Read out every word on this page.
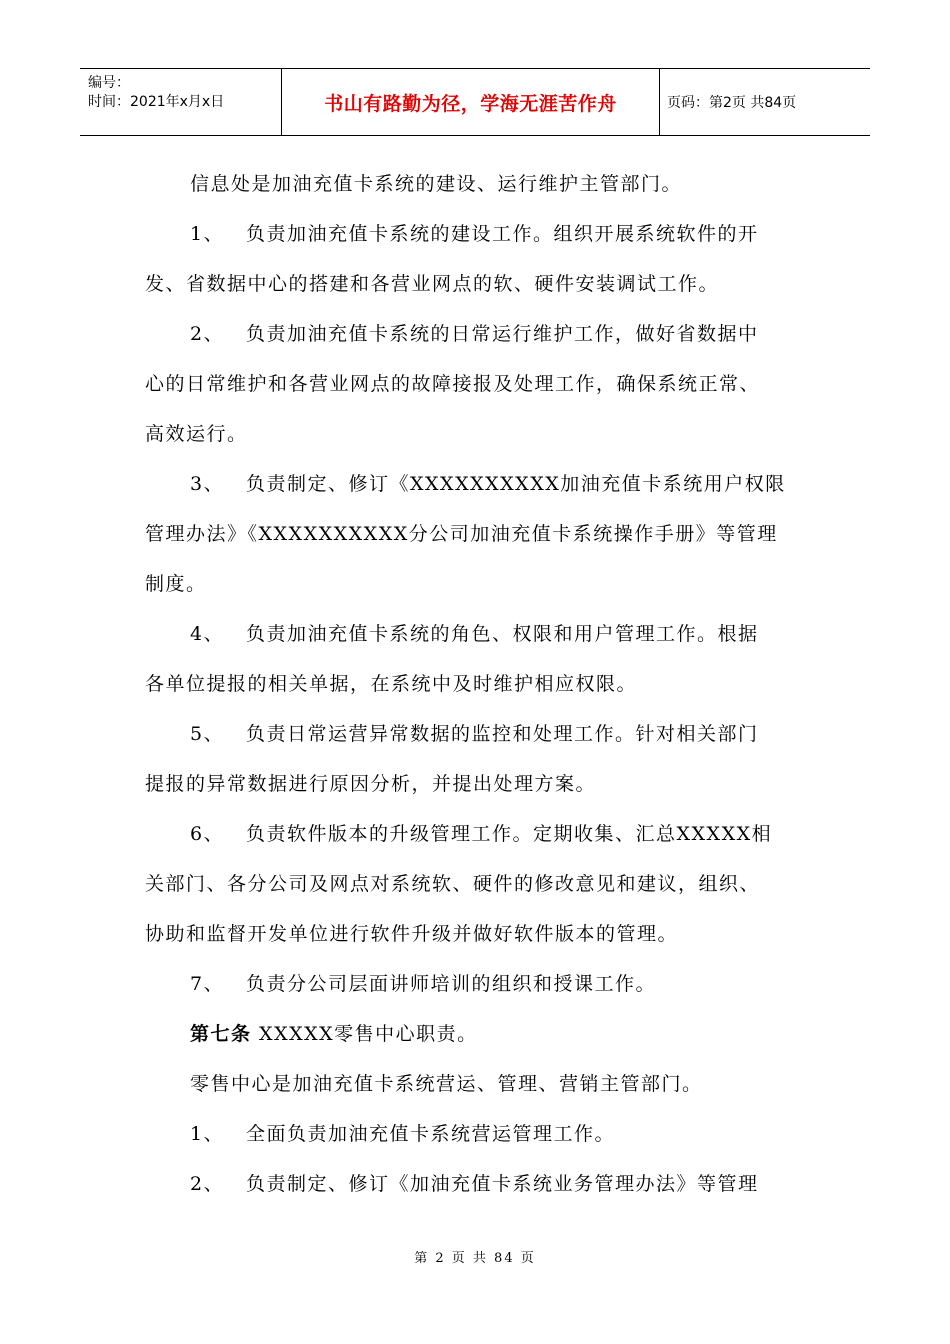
编号：
时间：2021年x月x日	书山有路勤为径，学海无涯苦作舟	页码：第2页 共84页
信息处是加油充值卡系统的建设、运行维护主管部门。
1、 负责加油充值卡系统的建设工作。组织开展系统软件的开
发、省数据中心的搭建和各营业网点的软、硬件安装调试工作。
2、 负责加油充值卡系统的日常运行维护工作，做好省数据中
心的日常维护和各营业网点的故障接报及处理工作，确保系统正常、
高效运行。
3、 负责制定、修订《XXXXXXXXXX加油充值卡系统用户权限
管理办法》《XXXXXXXXXX分公司加油充值卡系统操作手册》等管理
制度。
4、 负责加油充值卡系统的角色、权限和用户管理工作。根据
各单位提报的相关单据，在系统中及时维护相应权限。
5、 负责日常运营异常数据的监控和处理工作。针对相关部门
提报的异常数据进行原因分析，并提出处理方案。
6、 负责软件版本的升级管理工作。定期收集、汇总XXXXX相
关部门、各分公司及网点对系统软、硬件的修改意见和建议，组织、
协助和监督开发单位进行软件升级并做好软件版本的管理。
7、 负责分公司层面讲师培训的组织和授课工作。
第七条 XXXXX零售中心职责。
零售中心是加油充值卡系统营运、管理、营销主管部门。
1、 全面负责加油充值卡系统营运管理工作。
2、 负责制定、修订《加油充值卡系统业务管理办法》等管理
第 2 页 共 84 页
